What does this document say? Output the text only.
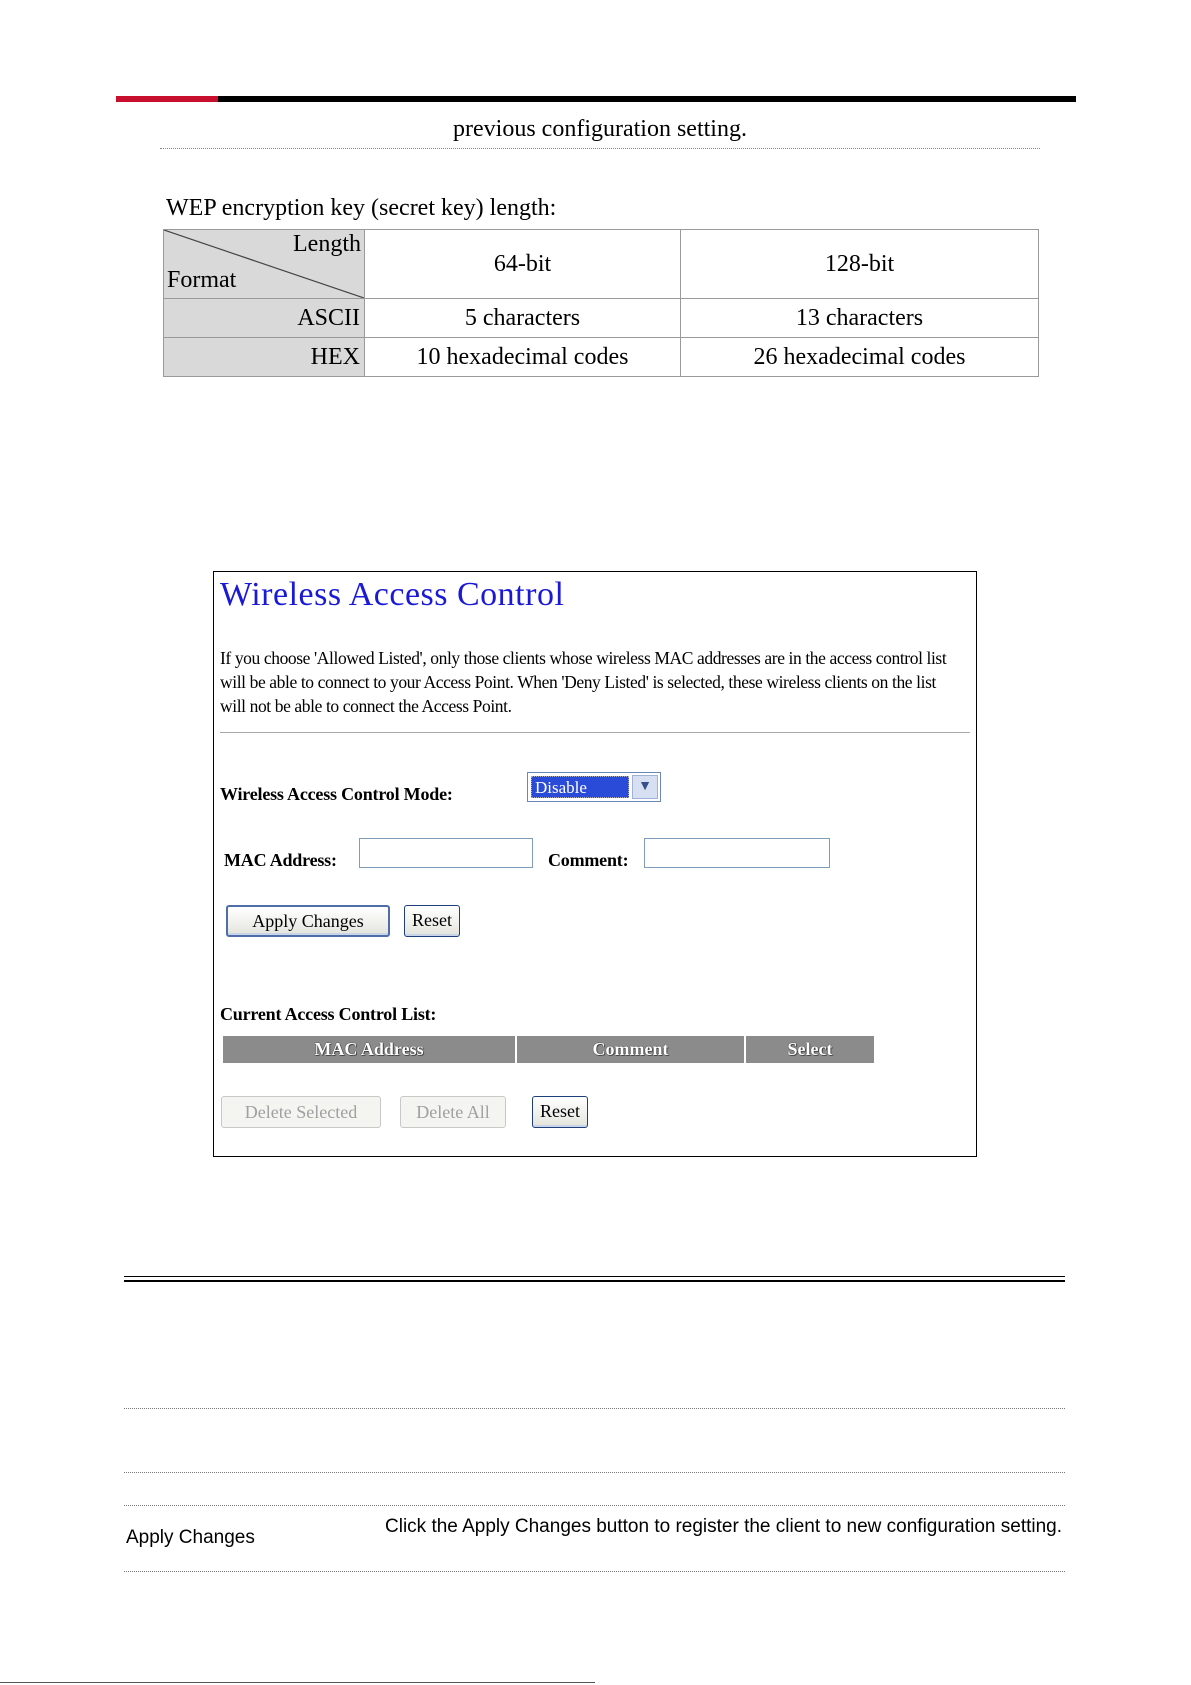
previous configuration setting.
WEP encryption key (secret key) length:
Length
Format	64-bit	128-bit
ASCII	5 characters	13 characters
HEX	10 hexadecimal codes	26 hexadecimal codes
Wireless Access Control
If you choose 'Allowed Listed', only those clients whose wireless MAC addresses are in the access control list will be able to connect to your Access Point. When 'Deny Listed' is selected, these wireless clients on the list will not be able to connect the Access Point.
Wireless Access Control Mode:	Disable	▼
MAC Address:	Comment:
Apply Changes	Reset
Current Access Control List:
MAC Address	Comment	Select
Delete Selected	Delete All	Reset
Apply Changes
Click the Apply Changes button to register the client to new configuration setting.
